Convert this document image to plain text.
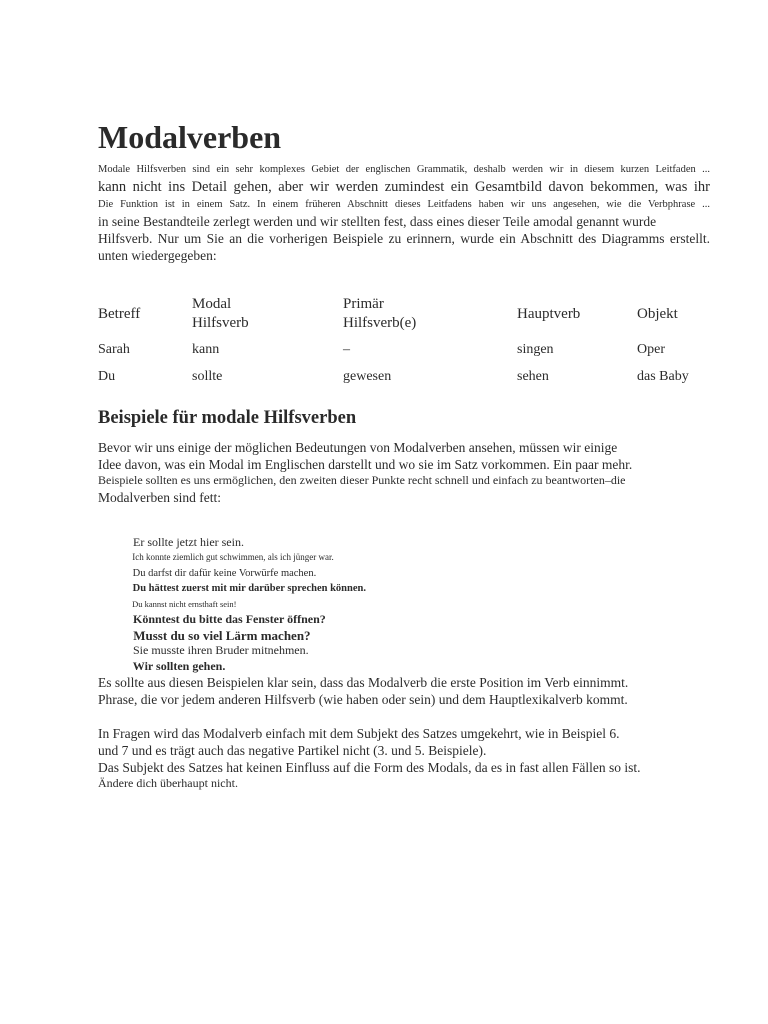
Modalverben
Modale Hilfsverben sind ein sehr komplexes Gebiet der englischen Grammatik, deshalb werden wir in diesem kurzen Leitfaden ...
kann nicht ins Detail gehen, aber wir werden zumindest ein Gesamtbild davon bekommen, was ihr
Die Funktion ist in einem Satz. In einem früheren Abschnitt dieses Leitfadens haben wir uns angesehen, wie die Verbphrase ...
in seine Bestandteile zerlegt werden und wir stellten fest, dass eines dieser Teile amodal genannt wurde
Hilfsverb. Nur um Sie an die vorherigen Beispiele zu erinnern, wurde ein Abschnitt des Diagramms erstellt.
unten wiedergegeben:
Betreff	Modal Hilfsverb	Primär Hilfsverb(e)	Hauptverb	Objekt
Sarah	kann	–	singen	Oper
Du	sollte	gewesen	sehen	das Baby
Beispiele für modale Hilfsverben
Bevor wir uns einige der möglichen Bedeutungen von Modalverben ansehen, müssen wir einige
Idee davon, was ein Modal im Englischen darstellt und wo sie im Satz vorkommen. Ein paar mehr.
Beispiele sollten es uns ermöglichen, den zweiten dieser Punkte recht schnell und einfach zu beantworten–die
Modalverben sind fett:
Er sollte jetzt hier sein.
Ich konnte ziemlich gut schwimmen, als ich jünger war.
Du darfst dir dafür keine Vorwürfe machen.
Du hättest zuerst mit mir darüber sprechen können.
Du kannst nicht ernsthaft sein!
Könntest du bitte das Fenster öffnen?
Musst du so viel Lärm machen?
Sie musste ihren Bruder mitnehmen.
Wir sollten gehen.
Es sollte aus diesen Beispielen klar sein, dass das Modalverb die erste Position im Verb einnimmt.
Phrase, die vor jedem anderen Hilfsverb (wie haben oder sein) und dem Hauptlexikalverb kommt.
In Fragen wird das Modalverb einfach mit dem Subjekt des Satzes umgekehrt, wie in Beispiel 6.
und 7 und es trägt auch das negative Partikel nicht (3. und 5. Beispiele).
Das Subjekt des Satzes hat keinen Einfluss auf die Form des Modals, da es in fast allen Fällen so ist.
Ändere dich überhaupt nicht.
